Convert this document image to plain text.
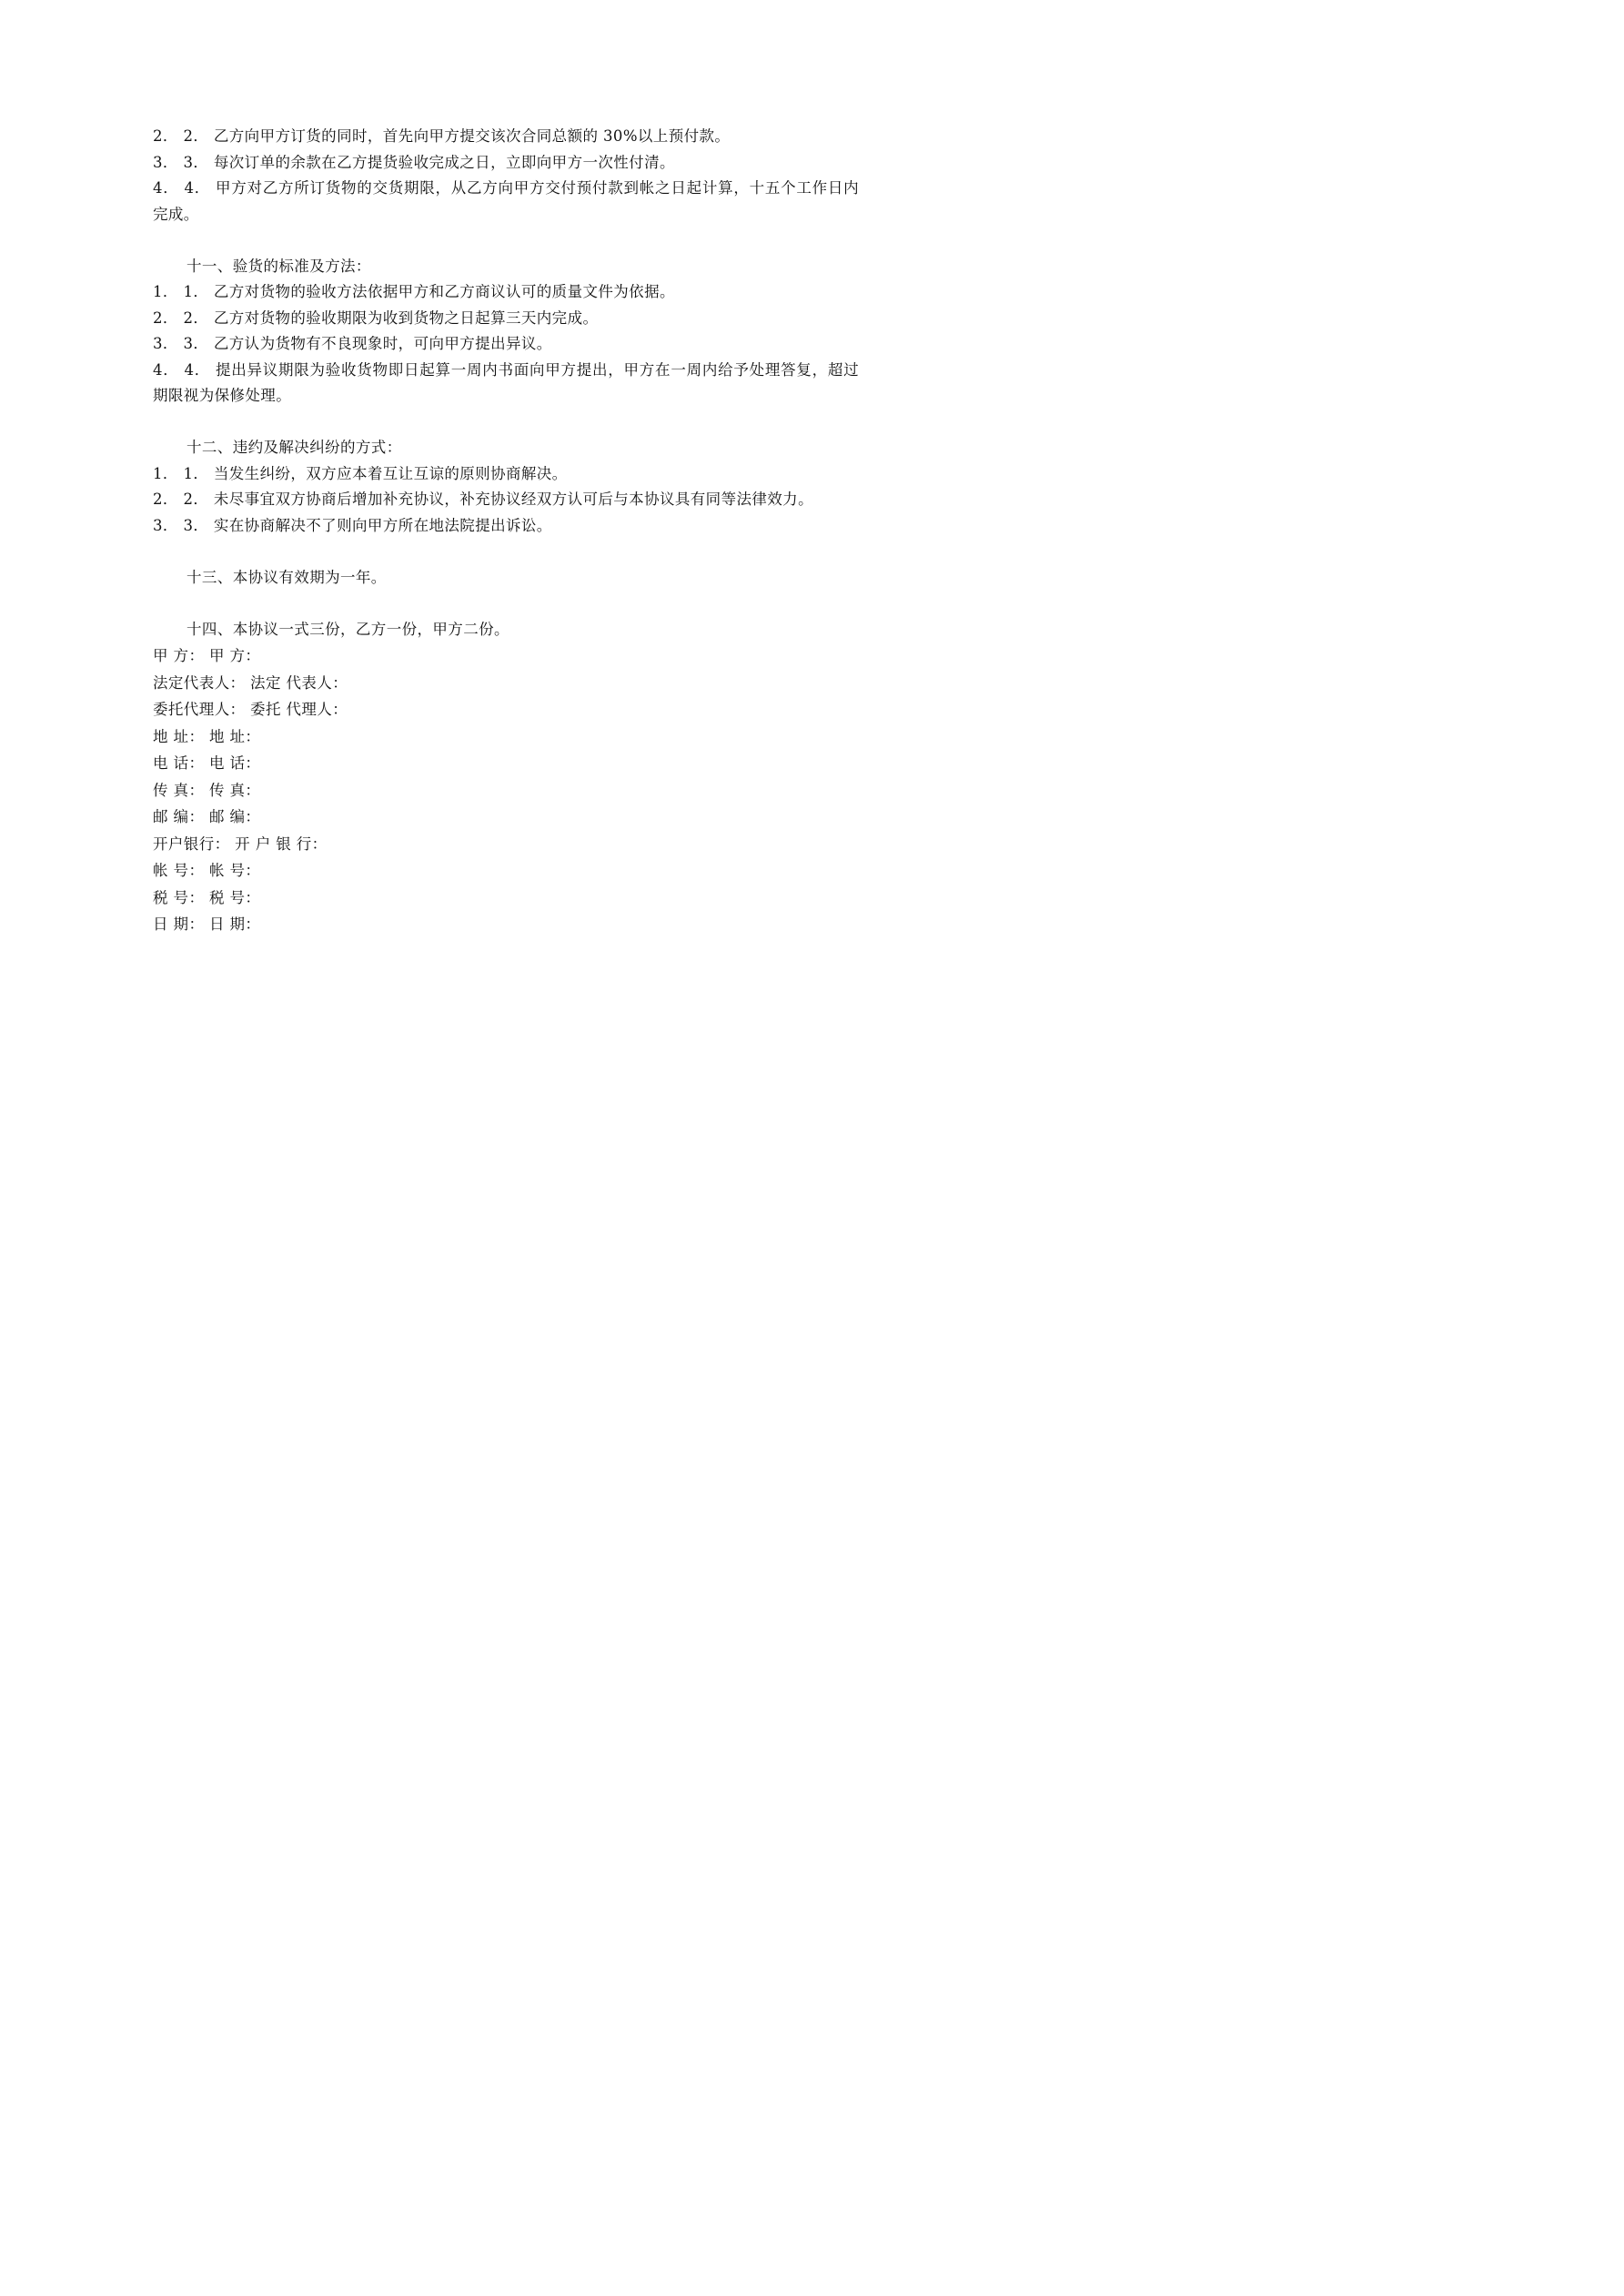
2． 2． 乙方向甲方订货的同时，首先向甲方提交该次合同总额的 30%以上预付款。
3． 3． 每次订单的余款在乙方提货验收完成之日，立即向甲方一次性付清。
4． 4． 甲方对乙方所订货物的交货期限，从乙方向甲方交付预付款到帐之日起计算，十五个工作日内完成。
十一、验货的标准及方法：
1． 1． 乙方对货物的验收方法依据甲方和乙方商议认可的质量文件为依据。
2． 2． 乙方对货物的验收期限为收到货物之日起算三天内完成。
3． 3． 乙方认为货物有不良现象时，可向甲方提出异议。
4． 4． 提出异议期限为验收货物即日起算一周内书面向甲方提出，甲方在一周内给予处理答复，超过期限视为保修处理。
十二、违约及解决纠纷的方式：
1． 1． 当发生纠纷，双方应本着互让互谅的原则协商解决。
2． 2． 未尽事宜双方协商后增加补充协议，补充协议经双方认可后与本协议具有同等法律效力。
3． 3． 实在协商解决不了则向甲方所在地法院提出诉讼。
十三、本协议有效期为一年。
十四、本协议一式三份，乙方一份，甲方二份。
甲 方： 甲 方：
法定代表人： 法定 代表人：
委托代理人： 委托 代理人：
地 址： 地 址：
电 话： 电 话：
传 真： 传 真：
邮 编： 邮 编：
开户银行： 开 户 银 行：
帐 号： 帐 号：
税 号： 税 号：
日 期： 日 期：
